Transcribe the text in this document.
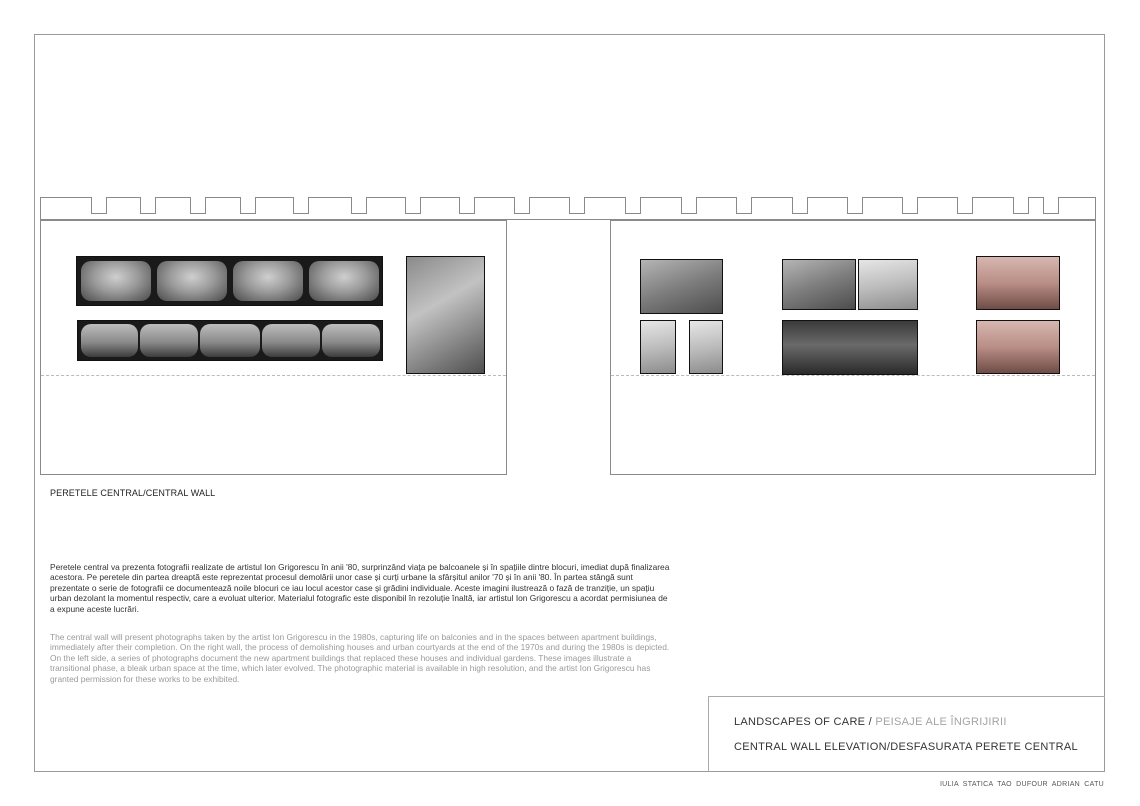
PERETELE CENTRAL/CENTRAL WALL
Peretele central va prezenta fotografii realizate de artistul Ion Grigorescu în anii '80, surprinzând viața pe balcoanele și în spațiile dintre blocuri, imediat după finalizarea acestora. Pe peretele din partea dreaptă este reprezentat procesul demolării unor case și curți urbane la sfârșitul anilor '70 și în anii '80. În partea stângă sunt prezentate o serie de fotografii ce documentează noile blocuri ce iau locul acestor case și grădini individuale. Aceste imagini ilustrează o fază de tranziție, un spațiu urban dezolant la momentul respectiv, care a evoluat ulterior. Materialul fotografic este disponibil în rezoluție înaltă, iar artistul Ion Grigorescu a acordat permisiunea de a expune aceste lucrări.
The central wall will present photographs taken by the artist Ion Grigorescu in the 1980s, capturing life on balconies and in the spaces between apartment buildings, immediately after their completion. On the right wall, the process of demolishing houses and urban courtyards at the end of the 1970s and during the 1980s is depicted. On the left side, a series of photographs document the new apartment buildings that replaced these houses and individual gardens. These images illustrate a transitional phase, a bleak urban space at the time, which later evolved. The photographic material is available in high resolution, and the artist Ion Grigorescu has granted permission for these works to be exhibited.
LANDSCAPES OF CARE / PEISAJE ALE ÎNGRIJIRII
CENTRAL WALL ELEVATION/DESFASURATA PERETE CENTRAL
IULIA STATICA TAO DUFOUR ADRIAN CATU
